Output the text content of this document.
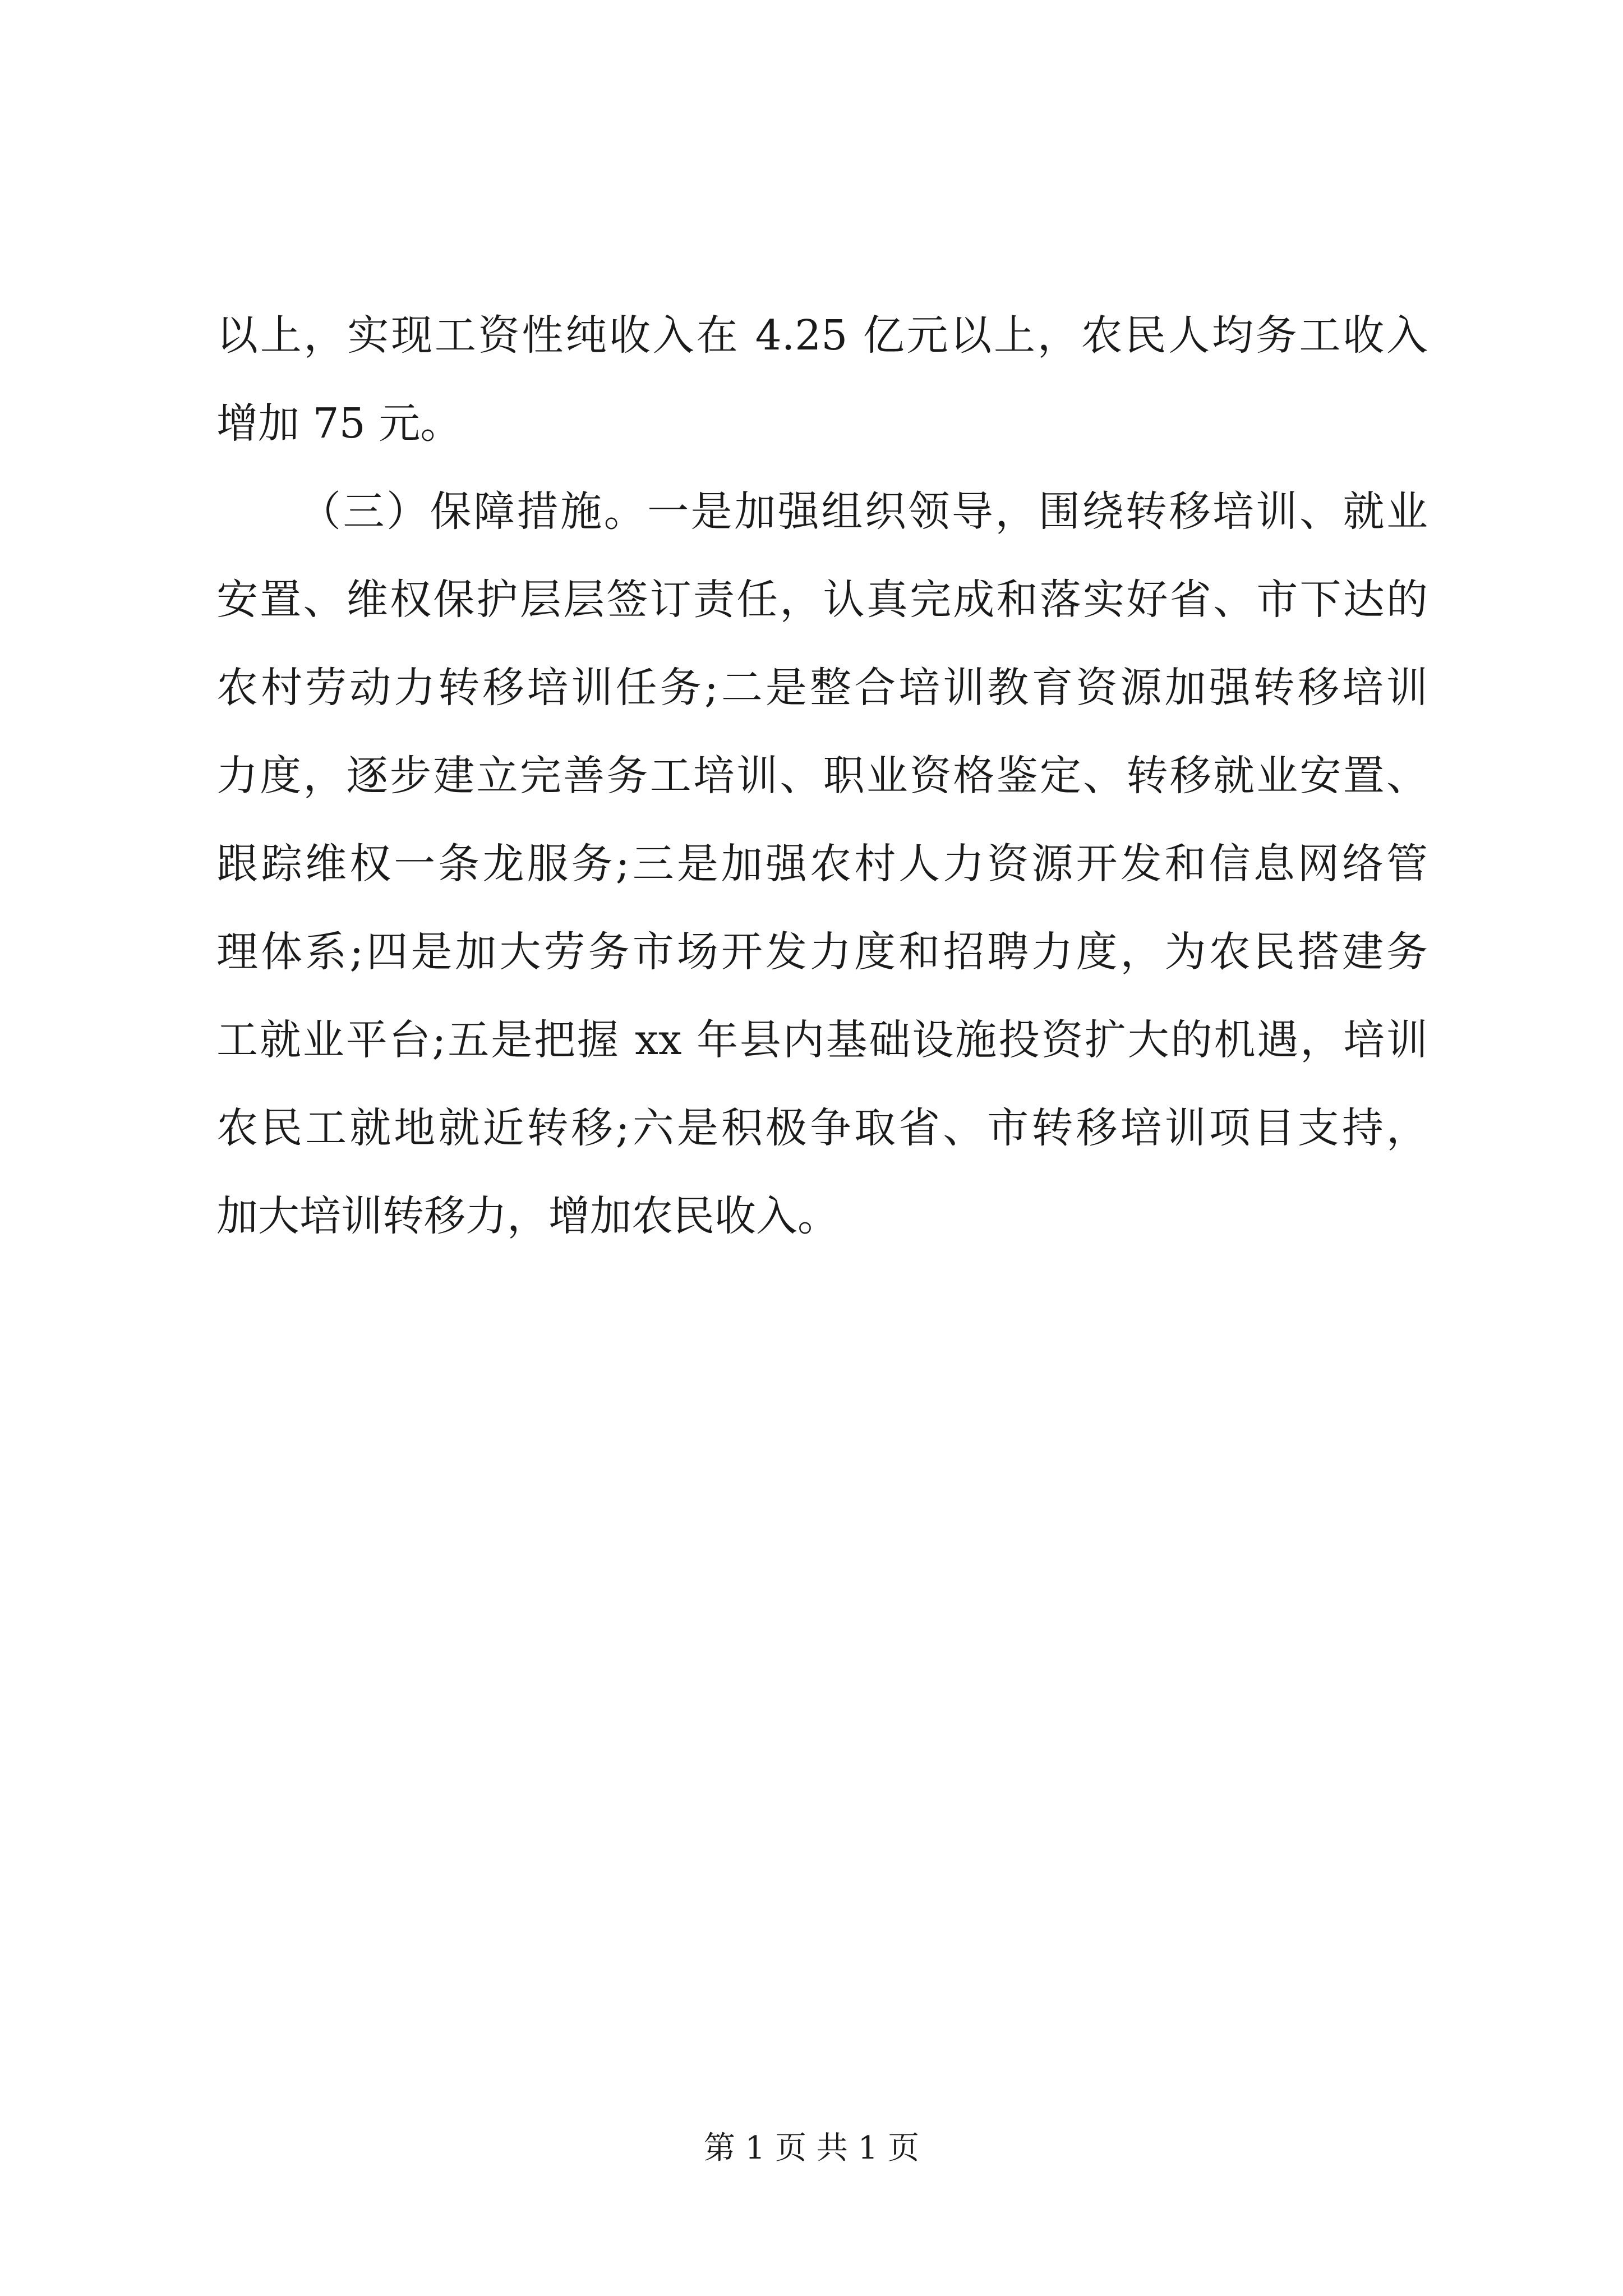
以上，实现工资性纯收入在 4.25 亿元以上，农民人均务工收入

增加 75 元。

（三）保障措施。一是加强组织领导，围绕转移培训、就业

安置、维权保护层层签订责任，认真完成和落实好省、市下达的

农村劳动力转移培训任务;二是整合培训教育资源加强转移培训

力度，逐步建立完善务工培训、职业资格鉴定、转移就业安置、

跟踪维权一条龙服务;三是加强农村人力资源开发和信息网络管

理体系;四是加大劳务市场开发力度和招聘力度，为农民搭建务

工就业平台;五是把握 xx 年县内基础设施投资扩大的机遇，培训

农民工就地就近转移;六是积极争取省、市转移培训项目支持，

加大培训转移力，增加农民收入。

第 1 页 共 1 页
